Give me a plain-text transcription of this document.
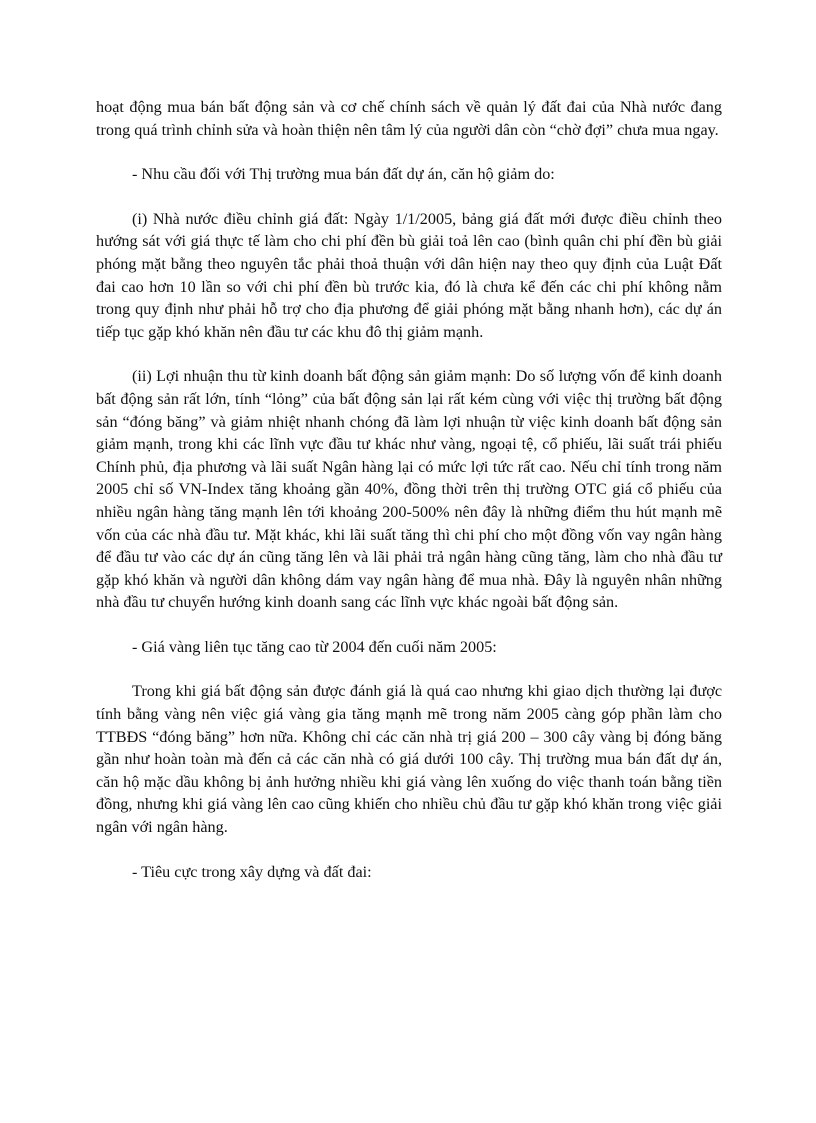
hoạt động mua bán bất động sản và cơ chế chính sách về quản lý đất đai của Nhà nước đang trong quá trình chỉnh sửa và hoàn thiện nên tâm lý của người dân còn “chờ đợi” chưa mua ngay.

- Nhu cầu đối với Thị trường mua bán đất dự án, căn hộ giảm do:

(i) Nhà nước điều chỉnh giá đất: Ngày 1/1/2005, bảng giá đất mới được điều chỉnh theo hướng sát với giá thực tế làm cho chi phí đền bù giải toả lên cao (bình quân chi phí đền bù giải phóng mặt bằng theo nguyên tắc phải thoả thuận với dân hiện nay theo quy định của Luật Đất đai cao hơn 10 lần so với chi phí đền bù trước kia, đó là chưa kể đến các chi phí không nằm trong quy định như phải hỗ trợ cho địa phương để giải phóng mặt bằng nhanh hơn), các dự án tiếp tục gặp khó khăn nên đầu tư các khu đô thị giảm mạnh.

(ii) Lợi nhuận thu từ kinh doanh bất động sản giảm mạnh: Do số lượng vốn để kinh doanh bất động sản rất lớn, tính “lỏng” của bất động sản lại rất kém cùng với việc thị trường bất động sản “đóng băng” và giảm nhiệt nhanh chóng đã làm lợi nhuận từ việc kinh doanh bất động sản giảm mạnh, trong khi các lĩnh vực đầu tư khác như vàng, ngoại tệ, cổ phiếu, lãi suất trái phiếu Chính phủ, địa phương và lãi suất Ngân hàng lại có mức lợi tức rất cao. Nếu chỉ tính trong năm 2005 chỉ số VN-Index tăng khoảng gần 40%, đồng thời trên thị trường OTC giá cổ phiếu của nhiều ngân hàng tăng mạnh lên tới khoảng 200-500% nên đây là những điểm thu hút mạnh mẽ vốn của các nhà đầu tư. Mặt khác, khi lãi suất tăng thì chi phí cho một đồng vốn vay ngân hàng để đầu tư vào các dự án cũng tăng lên và lãi phải trả ngân hàng cũng tăng, làm cho nhà đầu tư gặp khó khăn và người dân không dám vay ngân hàng để mua nhà. Đây là nguyên nhân những nhà đầu tư chuyển hướng kinh doanh sang các lĩnh vực khác ngoài bất động sản.

- Giá vàng liên tục tăng cao từ 2004 đến cuối năm 2005:

Trong khi giá bất động sản được đánh giá là quá cao nhưng khi giao dịch thường lại được tính bằng vàng nên việc giá vàng gia tăng mạnh mẽ trong năm 2005 càng góp phần làm cho TTBĐS “đóng băng” hơn nữa. Không chỉ các căn nhà trị giá 200 – 300 cây vàng bị đóng băng gần như hoàn toàn mà đến cả các căn nhà có giá dưới 100 cây. Thị trường mua bán đất dự án, căn hộ mặc dầu không bị ảnh hưởng nhiều khi giá vàng lên xuống do việc thanh toán bằng tiền đồng, nhưng khi giá vàng lên cao cũng khiến cho nhiều chủ đầu tư gặp khó khăn trong việc giải ngân với ngân hàng.

- Tiêu cực trong xây dựng và đất đai:
